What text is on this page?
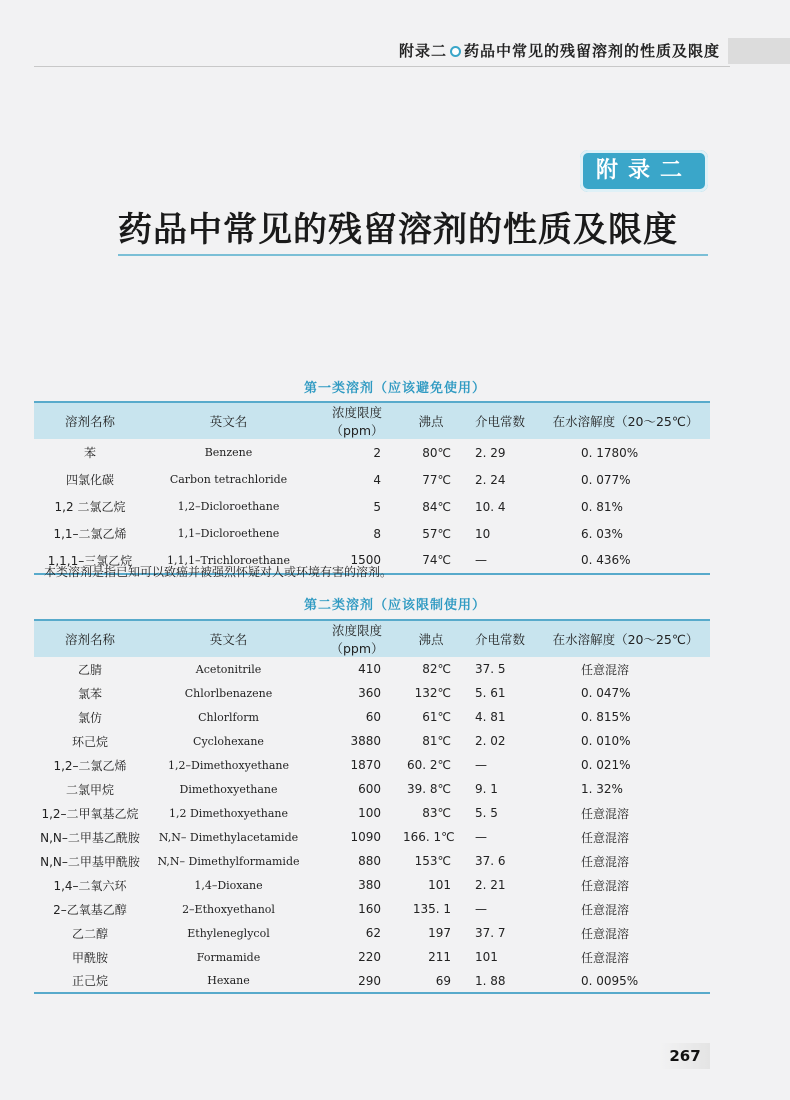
附录二 药品中常见的残留溶剂的性质及限度
附录二
药品中常见的残留溶剂的性质及限度
第一类溶剂（应该避免使用）
溶剂名称	英文名	浓度限度（ppm）	沸点	介电常数	在水溶解度（20～25℃）
苯	Benzene	2	80℃	2. 29	0. 1780%
四氯化碳	Carbon tetrachloride	4	77℃	2. 24	0. 077%
1,2 二氯乙烷	1,2–Dicloroethane	5	84℃	10. 4	0. 81%
1,1–二氯乙烯	1,1–Dicloroethene	8	57℃	10	6. 03%
1,1,1–三氯乙烷	1,1,1–Trichloroethane	1500	74℃	—	0. 436%
本类溶剂是指已知可以致癌并被强烈怀疑对人或环境有害的溶剂。
第二类溶剂（应该限制使用）
溶剂名称	英文名	浓度限度（ppm）	沸点	介电常数	在水溶解度（20～25℃）
乙腈	Acetonitrile	410	82℃	37. 5	任意混溶
氯苯	Chlorlbenazene	360	132℃	5. 61	0. 047%
氯仿	Chlorlform	60	61℃	4. 81	0. 815%
环己烷	Cyclohexane	3880	81℃	2. 02	0. 010%
1,2–二氯乙烯	1,2–Dimethoxyethane	1870	60. 2℃	—	0. 021%
二氯甲烷	Dimethoxyethane	600	39. 8℃	9. 1	1. 32%
1,2–二甲氧基乙烷	1,2 Dimethoxyethane	100	83℃	5. 5	任意混溶
N,N–二甲基乙酰胺	N,N– Dimethylacetamide	1090	166. 1℃	—	任意混溶
N,N–二甲基甲酰胺	N,N– Dimethylformamide	880	153℃	37. 6	任意混溶
1,4–二氧六环	1,4–Dioxane	380	101	2. 21	任意混溶
2–乙氧基乙醇	2–Ethoxyethanol	160	135. 1	—	任意混溶
乙二醇	Ethyleneglycol	62	197	37. 7	任意混溶
甲酰胺	Formamide	220	211	101	任意混溶
正己烷	Hexane	290	69	1. 88	0. 0095%
267
